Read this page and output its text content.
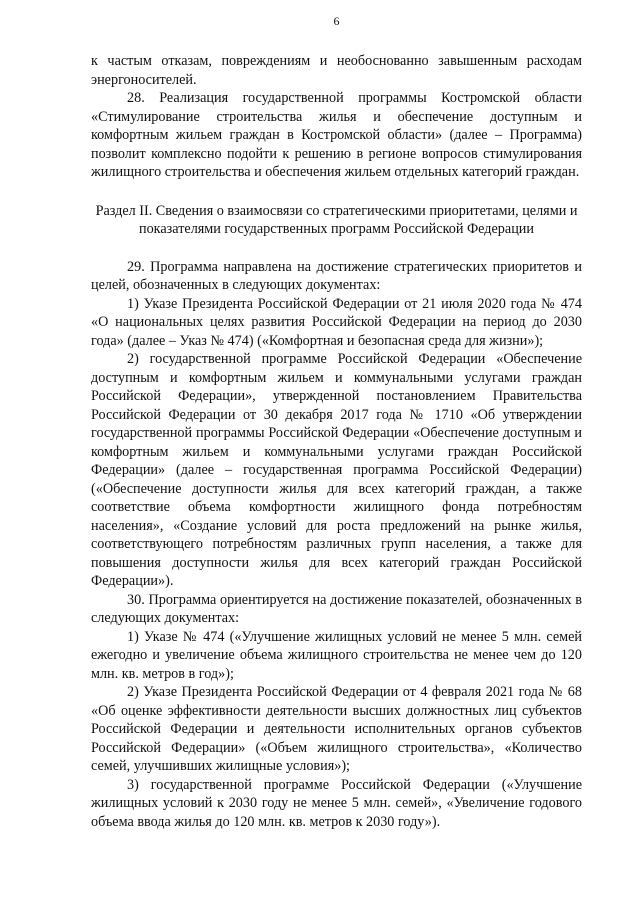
6

к частым отказам, повреждениям и необоснованно завышенным расходам энергоносителей.

28. Реализация государственной программы Костромской области «Стимулирование строительства жилья и обеспечение доступным и комфортным жильем граждан в Костромской области» (далее – Программа) позволит комплексно подойти к решению в регионе вопросов стимулирования жилищного строительства и обеспечения жильем отдельных категорий граждан.

Раздел II. Сведения о взаимосвязи со стратегическими приоритетами, целями и показателями государственных программ Российской Федерации

29. Программа направлена на достижение стратегических приоритетов и целей, обозначенных в следующих документах:

1) Указе Президента Российской Федерации от 21 июля 2020 года № 474 «О национальных целях развития Российской Федерации на период до 2030 года» (далее – Указ № 474) («Комфортная и безопасная среда для жизни»);

2) государственной программе Российской Федерации «Обеспечение доступным и комфортным жильем и коммунальными услугами граждан Российской Федерации», утвержденной постановлением Правительства Российской Федерации от 30 декабря 2017 года № 1710 «Об утверждении государственной программы Российской Федерации «Обеспечение доступным и комфортным жильем и коммунальными услугами граждан Российской Федерации» (далее – государственная программа Российской Федерации) («Обеспечение доступности жилья для всех категорий граждан, а также соответствие объема комфортности жилищного фонда потребностям населения», «Создание условий для роста предложений на рынке жилья, соответствующего потребностям различных групп населения, а также для повышения доступности жилья для всех категорий граждан Российской Федерации»).

30. Программа ориентируется на достижение показателей, обозначенных в следующих документах:

1) Указе № 474 («Улучшение жилищных условий не менее 5 млн. семей ежегодно и увеличение объема жилищного строительства не менее чем до 120 млн. кв. метров в год»);

2) Указе Президента Российской Федерации от 4 февраля 2021 года № 68 «Об оценке эффективности деятельности высших должностных лиц субъектов Российской Федерации и деятельности исполнительных органов субъектов Российской Федерации» («Объем жилищного строительства», «Количество семей, улучшивших жилищные условия»);

3) государственной программе Российской Федерации («Улучшение жилищных условий к 2030 году не менее 5 млн. семей», «Увеличение годового объема ввода жилья до 120 млн. кв. метров к 2030 году»).
